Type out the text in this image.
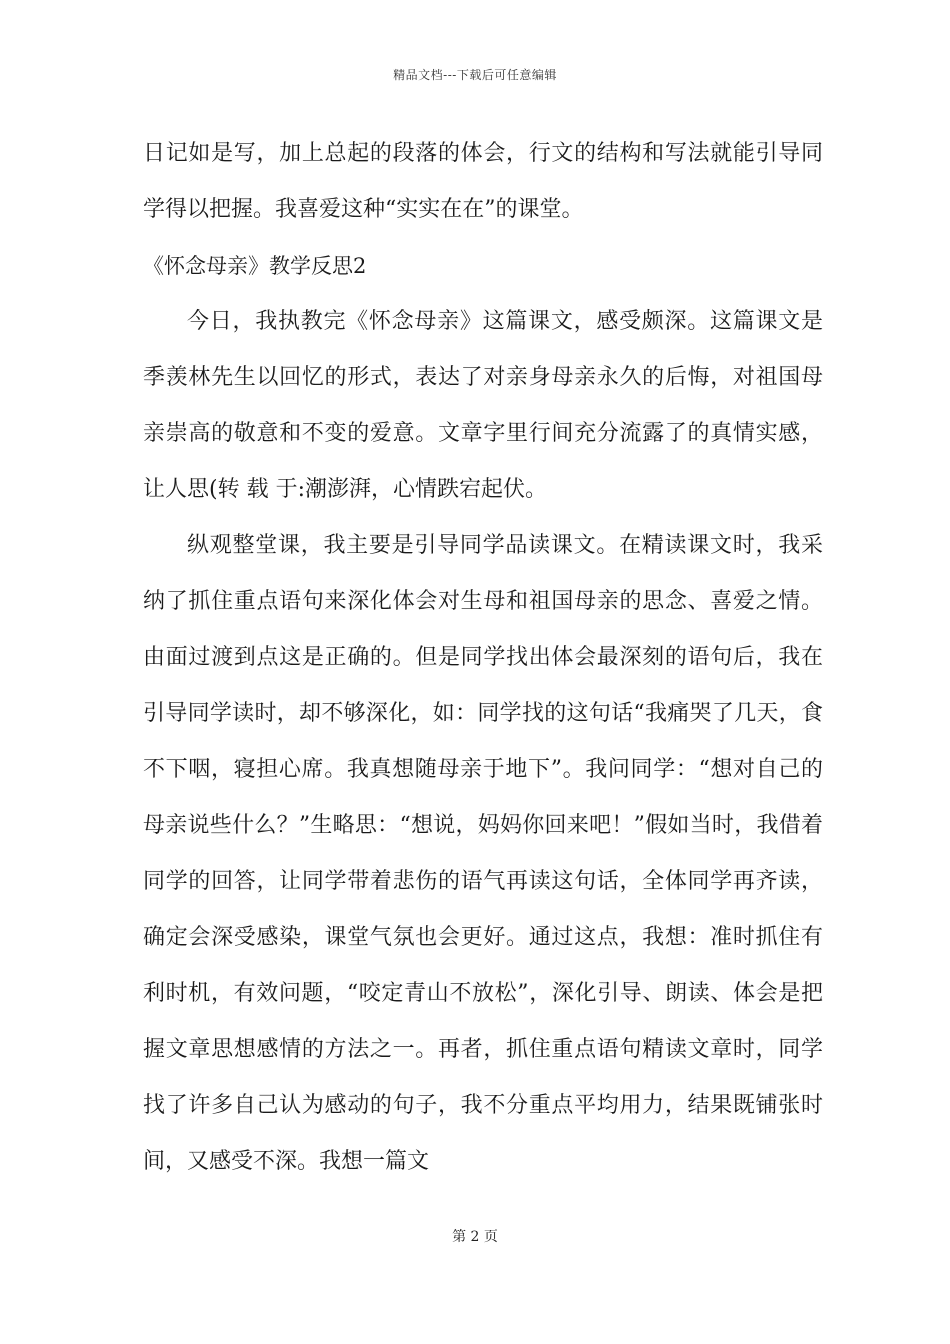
精品文档---下载后可任意编辑

日记如是写，加上总起的段落的体会，行文的结构和写法就能引导同学得以把握。我喜爱这种“实实在在”的课堂。

《怀念母亲》教学反思2

今日，我执教完《怀念母亲》这篇课文，感受颇深。这篇课文是季羡林先生以回忆的形式，表达了对亲身母亲永久的后悔，对祖国母亲崇高的敬意和不变的爱意。文章字里行间充分流露了的真情实感，让人思(转 载 于:潮澎湃，心情跌宕起伏。

纵观整堂课，我主要是引导同学品读课文。在精读课文时，我采纳了抓住重点语句来深化体会对生母和祖国母亲的思念、喜爱之情。由面过渡到点这是正确的。但是同学找出体会最深刻的语句后，我在引导同学读时，却不够深化，如：同学找的这句话“我痛哭了几天，食不下咽，寝担心席。我真想随母亲于地下”。我问同学：“想对自己的母亲说些什么？”生略思：“想说，妈妈你回来吧！”假如当时，我借着同学的回答，让同学带着悲伤的语气再读这句话，全体同学再齐读，确定会深受感染，课堂气氛也会更好。通过这点，我想：准时抓住有利时机，有效问题，“咬定青山不放松”，深化引导、朗读、体会是把握文章思想感情的方法之一。再者，抓住重点语句精读文章时，同学找了许多自己认为感动的句子，我不分重点平均用力，结果既铺张时间，又感受不深。我想一篇文

第 2 页
